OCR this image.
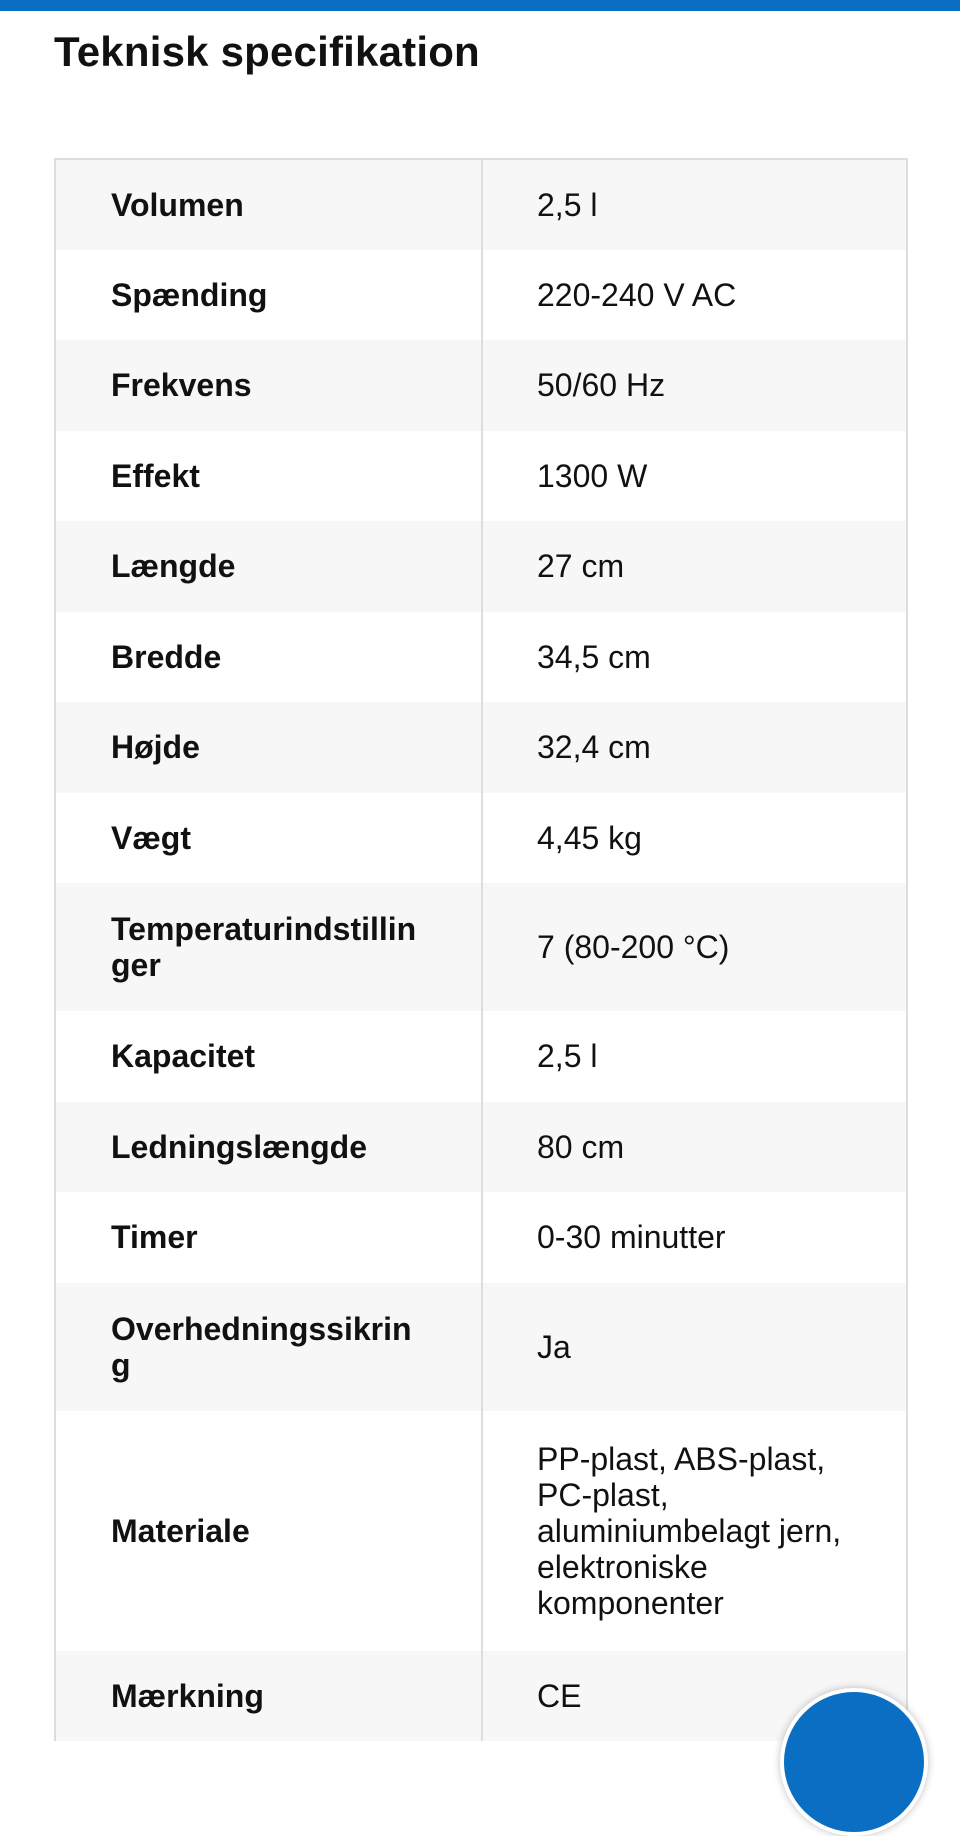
Teknisk specifikation
Volumen	2,5 l
Spænding	220-240 V AC
Frekvens	50/60 Hz
Effekt	1300 W
Længde	27 cm
Bredde	34,5 cm
Højde	32,4 cm
Vægt	4,45 kg
Temperaturindstillinger	7 (80-200 °C)
Kapacitet	2,5 l
Ledningslængde	80 cm
Timer	0-30 minutter
Overhedningssikring	Ja
Materiale	PP-plast, ABS-plast, PC-plast, aluminiumbelagt jern, elektroniske komponenter
Mærkning	CE
